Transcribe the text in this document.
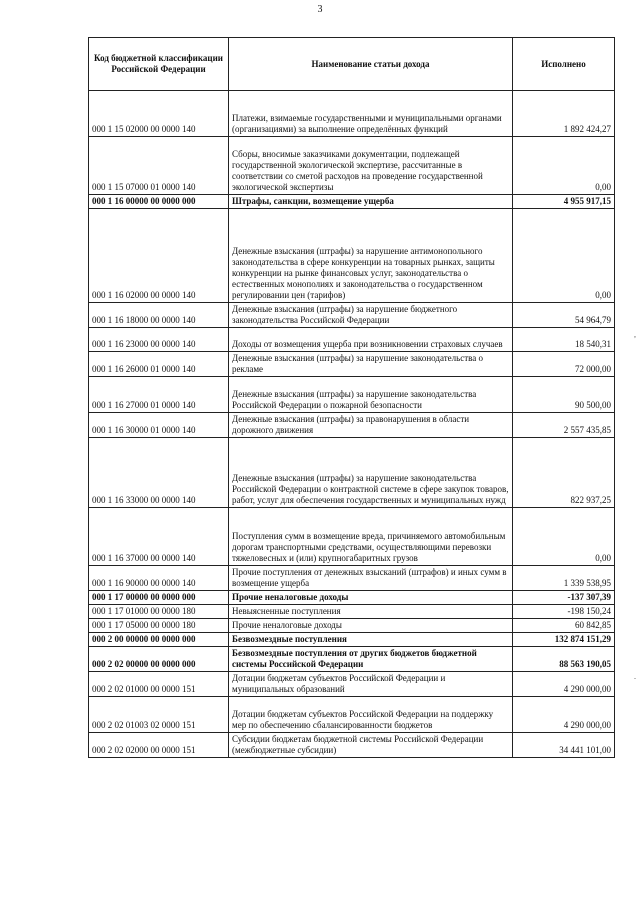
3
Код бюджетной классификации Российской Федерации	Наименование статьи дохода	Исполнено
000 1 15 02000 00 0000 140	Платежи, взимаемые государственными и муниципальными органами (организациями) за выполнение определённых функций	1 892 424,27
000 1 15 07000 01 0000 140	Сборы, вносимые заказчиками документации, подлежащей государственной экологической экспертизе, рассчитанные в соответствии со сметой расходов на проведение государственной экологической экспертизы	0,00
000 1 16 00000 00 0000 000	Штрафы, санкции, возмещение ущерба	4 955 917,15
000 1 16 02000 00 0000 140	Денежные взыскания (штрафы) за нарушение антимонопольного законодательства в сфере конкуренции на товарных рынках, защиты конкуренции на рынке финансовых услуг, законодательства о естественных монополиях и законодательства о государственном регулировании цен (тарифов)	0,00
000 1 16 18000 00 0000 140	Денежные взыскания (штрафы) за нарушение бюджетного законодательства Российской Федерации	54 964,79
000 1 16 23000 00 0000 140	Доходы от возмещения ущерба при возникновении страховых случаев	18 540,31
000 1 16 26000 01 0000 140	Денежные взыскания (штрафы) за нарушение законодательства о рекламе	72 000,00
000 1 16 27000 01 0000 140	Денежные взыскания (штрафы) за нарушение законодательства Российской Федерации о пожарной безопасности	90 500,00
000 1 16 30000 01 0000 140	Денежные взыскания (штрафы) за правонарушения в области дорожного движения	2 557 435,85
000 1 16 33000 00 0000 140	Денежные взыскания (штрафы) за нарушение законодательства Российской Федерации о контрактной системе в сфере закупок товаров, работ, услуг для обеспечения государственных и муниципальных нужд	822 937,25
000 1 16 37000 00 0000 140	Поступления сумм в возмещение вреда, причиняемого автомобильным дорогам транспортными средствами, осуществляющими перевозки тяжеловесных и (или) крупногабаритных грузов	0,00
000 1 16 90000 00 0000 140	Прочие поступления от денежных взысканий (штрафов) и иных сумм в возмещение ущерба	1 339 538,95
000 1 17 00000 00 0000 000	Прочие неналоговые доходы	-137 307,39
000 1 17 01000 00 0000 180	Невыясненные поступления	-198 150,24
000 1 17 05000 00 0000 180	Прочие неналоговые доходы	60 842,85
000 2 00 00000 00 0000 000	Безвозмездные поступления	132 874 151,29
000 2 02 00000 00 0000 000	Безвозмездные поступления от других бюджетов бюджетной системы Российской Федерации	88 563 190,05
000 2 02 01000 00 0000 151	Дотации бюджетам субъектов Российской Федерации и муниципальных образований	4 290 000,00
000 2 02 01003 02 0000 151	Дотации бюджетам субъектов Российской Федерации на поддержку мер по обеспечению сбалансированности бюджетов	4 290 000,00
000 2 02 02000 00 0000 151	Субсидии бюджетам бюджетной системы Российской Федерации (межбюджетные субсидии)	34 441 101,00
,
.
